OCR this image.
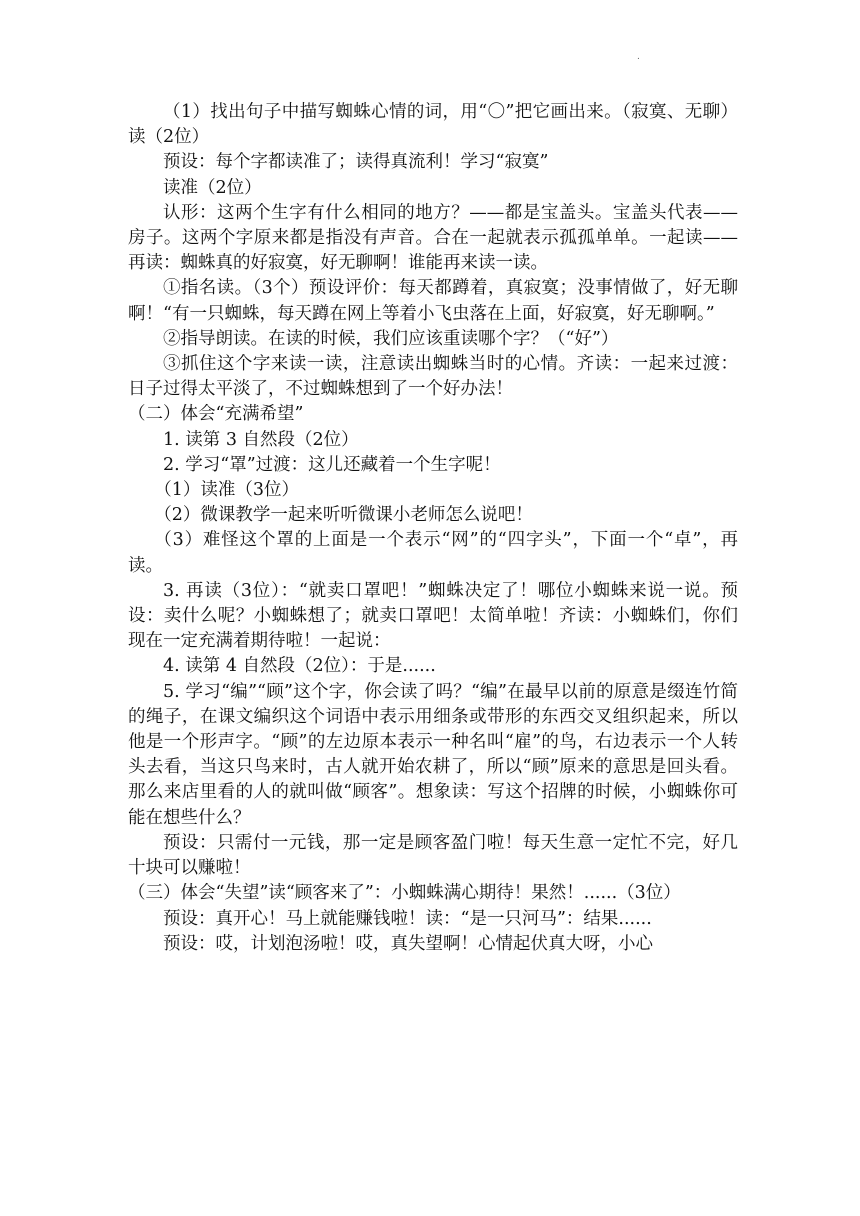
.

（1）找出句子中描写蜘蛛心情的词，用“〇”把它画出来。（寂寞、无聊）读（2位）

预设：每个字都读准了；读得真流利！学习“寂寞”

读准（2位）

认形：这两个生字有什么相同的地方？——都是宝盖头。宝盖头代表——房子。这两个字原来都是指没有声音。合在一起就表示孤孤单单。一起读——再读：蜘蛛真的好寂寞，好无聊啊！谁能再来读一读。

①指名读。（3个）预设评价：每天都蹲着，真寂寞；没事情做了，好无聊啊！“有一只蜘蛛，每天蹲在网上等着小飞虫落在上面，好寂寞，好无聊啊。”

②指导朗读。在读的时候，我们应该重读哪个字？（“好”）

③抓住这个字来读一读，注意读出蜘蛛当时的心情。齐读：一起来过渡：日子过得太平淡了，不过蜘蛛想到了一个好办法！

（二）体会“充满希望”

1. 读第 3 自然段（2位）

2. 学习“罩”过渡：这儿还藏着一个生字呢！

（1）读准（3位）

（2）微课教学一起来听听微课小老师怎么说吧！

（3）难怪这个罩的上面是一个表示“网”的“四字头”，下面一个“卓”，再读。

3. 再读（3位）：“就卖口罩吧！”蜘蛛决定了！哪位小蜘蛛来说一说。预设：卖什么呢？小蜘蛛想了；就卖口罩吧！太简单啦！齐读：小蜘蛛们，你们现在一定充满着期待啦！一起说：

4. 读第 4 自然段（2位）：于是......

5. 学习“编”“顾”这个字，你会读了吗？“编”在最早以前的原意是缀连竹简的绳子，在课文编织这个词语中表示用细条或带形的东西交叉组织起来，所以他是一个形声字。“顾”的左边原本表示一种名叫“雇”的鸟，右边表示一个人转头去看，当这只鸟来时，古人就开始农耕了，所以“顾”原来的意思是回头看。那么来店里看的人的就叫做“顾客”。想象读：写这个招牌的时候，小蜘蛛你可能在想些什么？

预设：只需付一元钱，那一定是顾客盈门啦！每天生意一定忙不完，好几十块可以赚啦！

（三）体会“失望”读“顾客来了”：小蜘蛛满心期待！果然！......（3位）

预设：真开心！马上就能赚钱啦！读：“是一只河马”：结果......

预设：哎，计划泡汤啦！哎，真失望啊！心情起伏真大呀，小心
